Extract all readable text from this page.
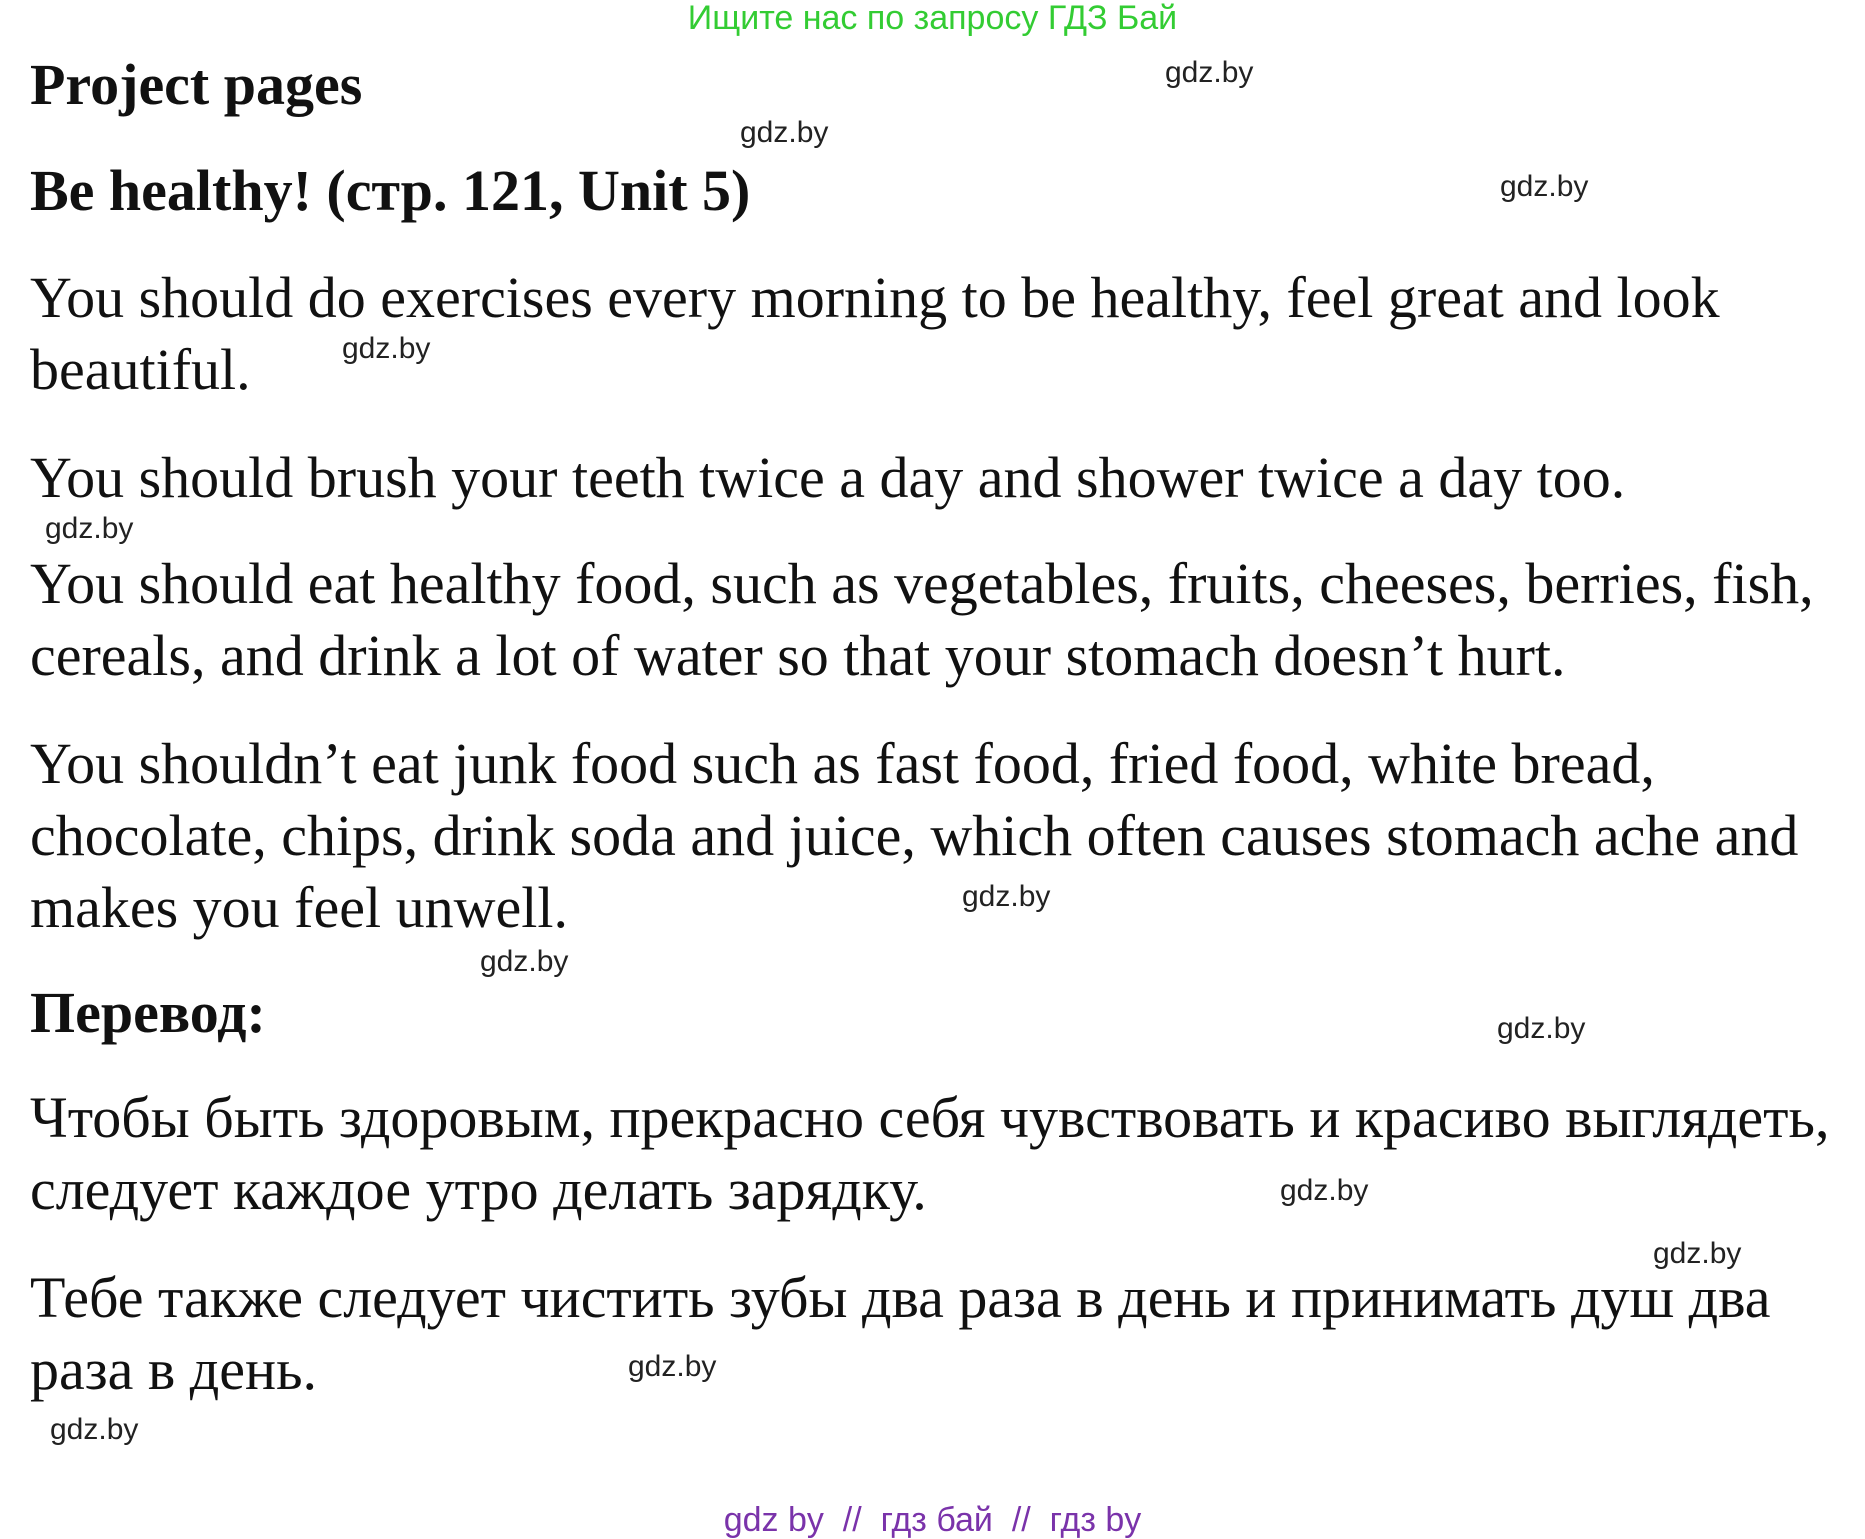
Ищите нас по запросу ГДЗ Бай
Project pages
Be healthy! (стр. 121, Unit 5)
You should do exercises every morning to be healthy, feel great and look
beautiful.
You should brush your teeth twice a day and shower twice a day too.
You should eat healthy food, such as vegetables, fruits, cheeses, berries, fish,
cereals, and drink a lot of water so that your stomach doesn’t hurt.
You shouldn’t eat junk food such as fast food, fried food, white bread,
chocolate, chips, drink soda and juice, which often causes stomach ache and
makes you feel unwell.
Перевод:
Чтобы быть здоровым, прекрасно себя чувствовать и красиво выглядеть,
следует каждое утро делать зарядку.
Тебе также следует чистить зубы два раза в день и принимать душ два
раза в день.
gdz.by
gdz.by
gdz.by
gdz.by
gdz.by
gdz.by
gdz.by
gdz.by
gdz.by
gdz.by
gdz.by
gdz.by
gdz by  //  гдз бай  //  гдз by
